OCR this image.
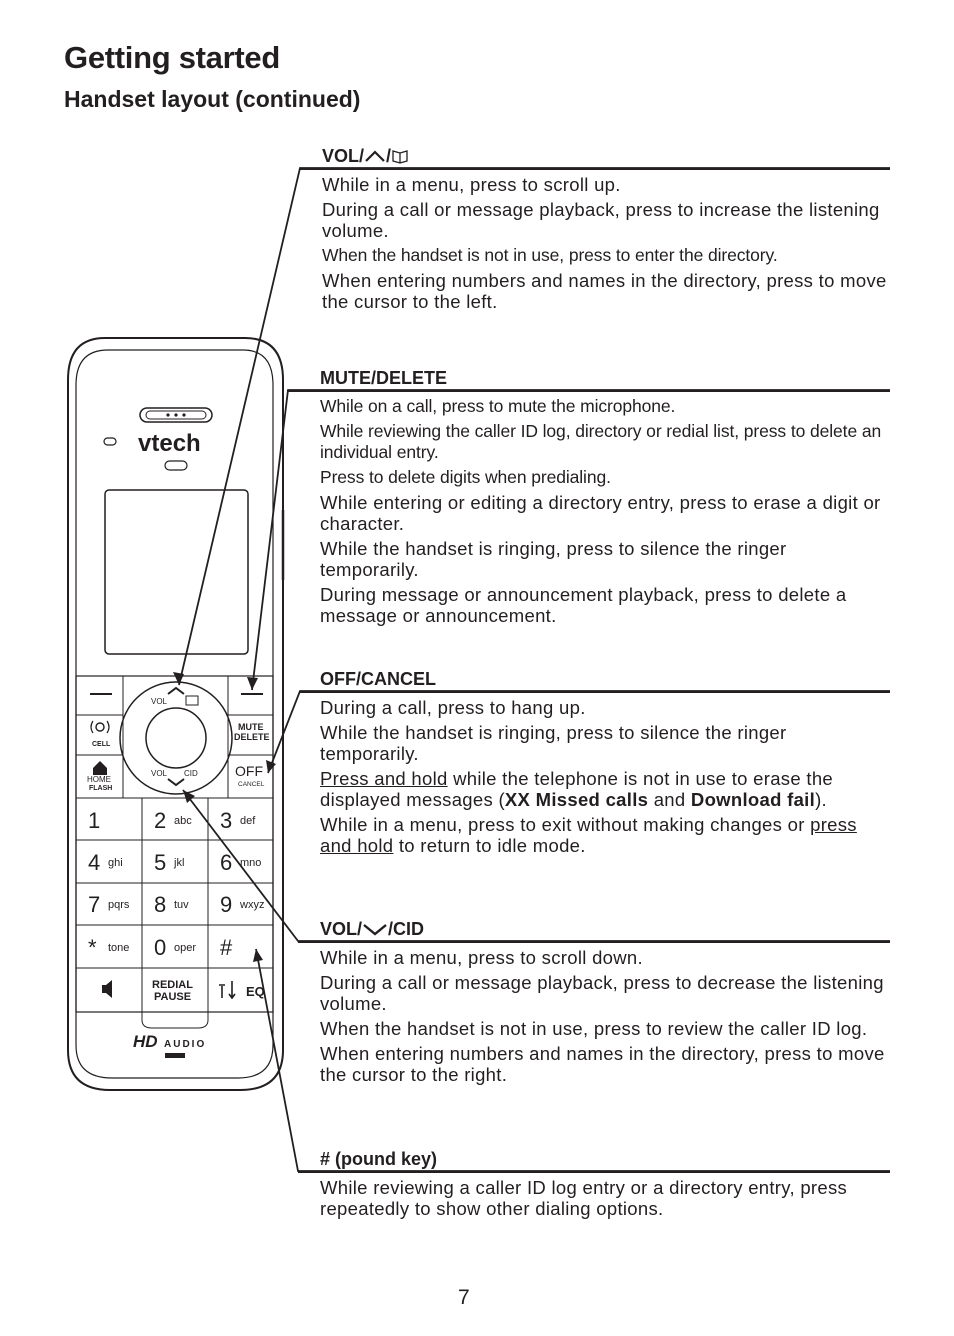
Getting started
Handset layout (continued)
vtech
VOL
VOL CID
CELL
HOME
FLASH
MUTE
DELETE
OFF
CANCEL
1 2 abc 3 def
4 ghi 5 jkl 6 mno
7 pqrs 8 tuv 9 wxyz
* tone 0 oper #
REDIAL
PAUSE	EQ
HD AUDIO
VOL/ /

While in a menu, press to scroll up.

During a call or message playback, press to increase the listening volume.

When the handset is not in use, press to enter the directory.

When entering numbers and names in the directory, press to move the cursor to the left.

MUTE/DELETE

While on a call, press to mute the microphone.

While reviewing the caller ID log, directory or redial list, press to delete an individual entry.

Press to delete digits when predialing.

While entering or editing a directory entry, press to erase a digit or character.

While the handset is ringing, press to silence the ringer temporarily.

During message or announcement playback, press to delete a message or announcement.

OFF/CANCEL

During a call, press to hang up.

While the handset is ringing, press to silence the ringer temporarily.

Press and hold while the telephone is not in use to erase the displayed messages (XX Missed calls and Download fail).

While in a menu, press to exit without making changes or press and hold to return to idle mode.

VOL/ /CID

While in a menu, press to scroll down.

During a call or message playback, press to decrease the listening volume.

When the handset is not in use, press to review the caller ID log.

When entering numbers and names in the directory, press to move the cursor to the right.

# (pound key)

While reviewing a caller ID log entry or a directory entry, press repeatedly to show other dialing options.

7
